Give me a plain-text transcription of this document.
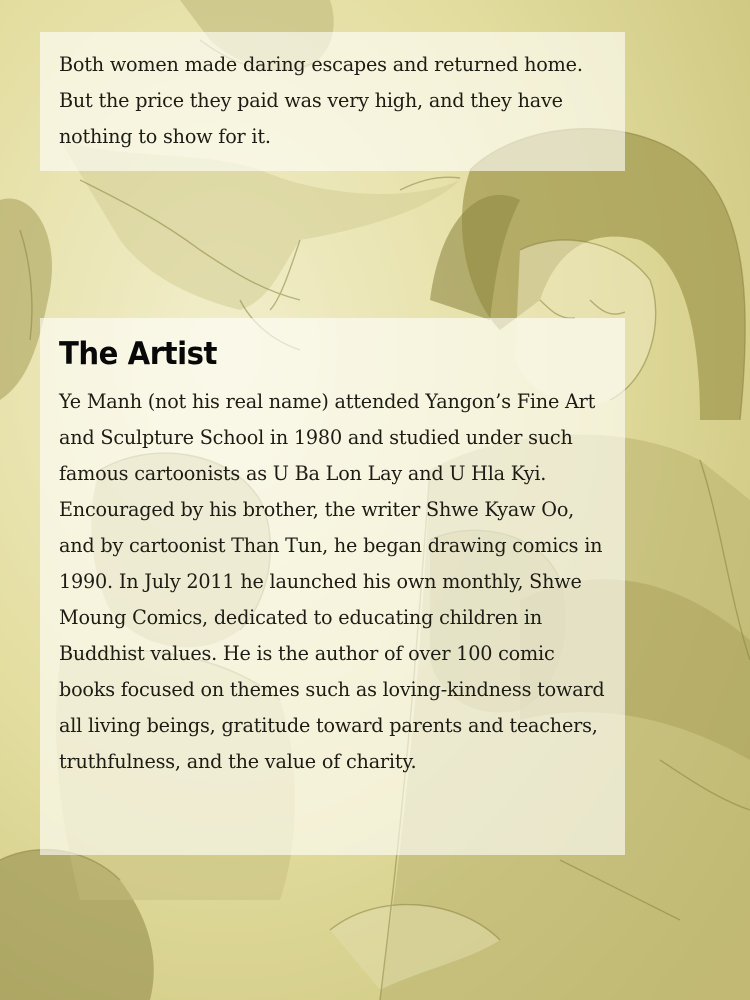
Both women made daring escapes and returned home. But the price they paid was very high, and they have nothing to show for it.

The Artist

Ye Manh (not his real name) attended Yangon’s Fine Art and Sculpture School in 1980 and studied under such famous cartoonists as U Ba Lon Lay and U Hla Kyi. Encouraged by his brother, the writer Shwe Kyaw Oo, and by cartoonist Than Tun, he began drawing comics in 1990. In July 2011 he launched his own monthly, Shwe Moung Comics, dedicated to educating children in Buddhist values. He is the author of over 100 comic books focused on themes such as loving-kindness toward all living beings, gratitude toward parents and teachers, truthfulness, and the value of charity.
